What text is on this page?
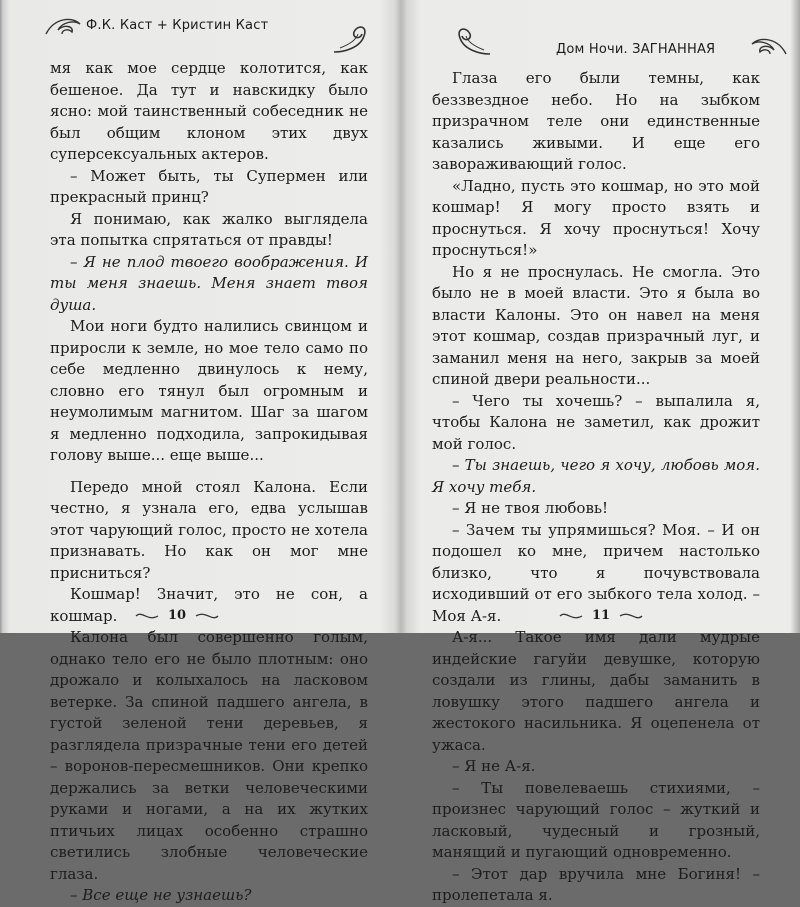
Ф.К. Каст + Кристин Каст

мя как мое сердце колотится, как бешеное. Да тут и навскидку было ясно: мой таинственный собеседник не был общим клоном этих двух суперсексуальных актеров.

– Может быть, ты Супермен или прекрасный принц?

Я понимаю, как жалко выглядела эта попытка спрятаться от правды!

– Я не плод твоего воображения. И ты меня знаешь. Меня знает твоя душа.

Мои ноги будто налились свинцом и приросли к земле, но мое тело само по себе медленно двинулось к нему, словно его тянул был огромным и неумолимым магнитом. Шаг за шагом я медленно подходила, запрокидывая голову выше... еще выше...

Передо мной стоял Калона. Если честно, я узнала его, едва услышав этот чарующий голос, просто не хотела признавать. Но как он мог мне присниться?

Кошмар! Значит, это не сон, а кошмар.

Калона был совершенно голым, однако тело его не было плотным: оно дрожало и колыхалось на ласковом ветерке. За спиной падшего ангела, в густой зеленой тени деревьев, я разглядела призрачные тени его детей – воронов-пересмешников. Они крепко держались за ветки человеческими руками и ногами, а на их жутких птичьих лицах особенно страшно светились злобные человеческие глаза.

– Все еще не узнаешь?

10
Дом Ночи. ЗАГНАННАЯ

Глаза его были темны, как беззвездное небо. Но на зыбком призрачном теле они единственные казались живыми. И еще его завораживающий голос.

«Ладно, пусть это кошмар, но это мой кошмар! Я могу просто взять и проснуться. Я хочу проснуться! Хочу проснуться!»

Но я не проснулась. Не смогла. Это было не в моей власти. Это я была во власти Калоны. Это он навел на меня этот кошмар, создав призрачный луг, и заманил меня на него, закрыв за моей спиной двери реальности...

– Чего ты хочешь? – выпалила я, чтобы Калона не заметил, как дрожит мой голос.

– Ты знаешь, чего я хочу, любовь моя. Я хочу тебя.

– Я не твоя любовь!

– Зачем ты упрямишься? Моя. – И он подошел ко мне, причем настолько близко, что я почувствовала исходивший от его зыбкого тела холод. – Моя А-я.

А-я... Такое имя дали мудрые индейские гагуйи девушке, которую создали из глины, дабы заманить в ловушку этого падшего ангела и жестокого насильника. Я оцепенела от ужаса.

– Я не А-я.

– Ты повелеваешь стихиями, – произнес чарующий голос – жуткий и ласковый, чудесный и грозный, манящий и пугающий одновременно.

– Этот дар вручила мне Богиня! – пролепетала я.

11
